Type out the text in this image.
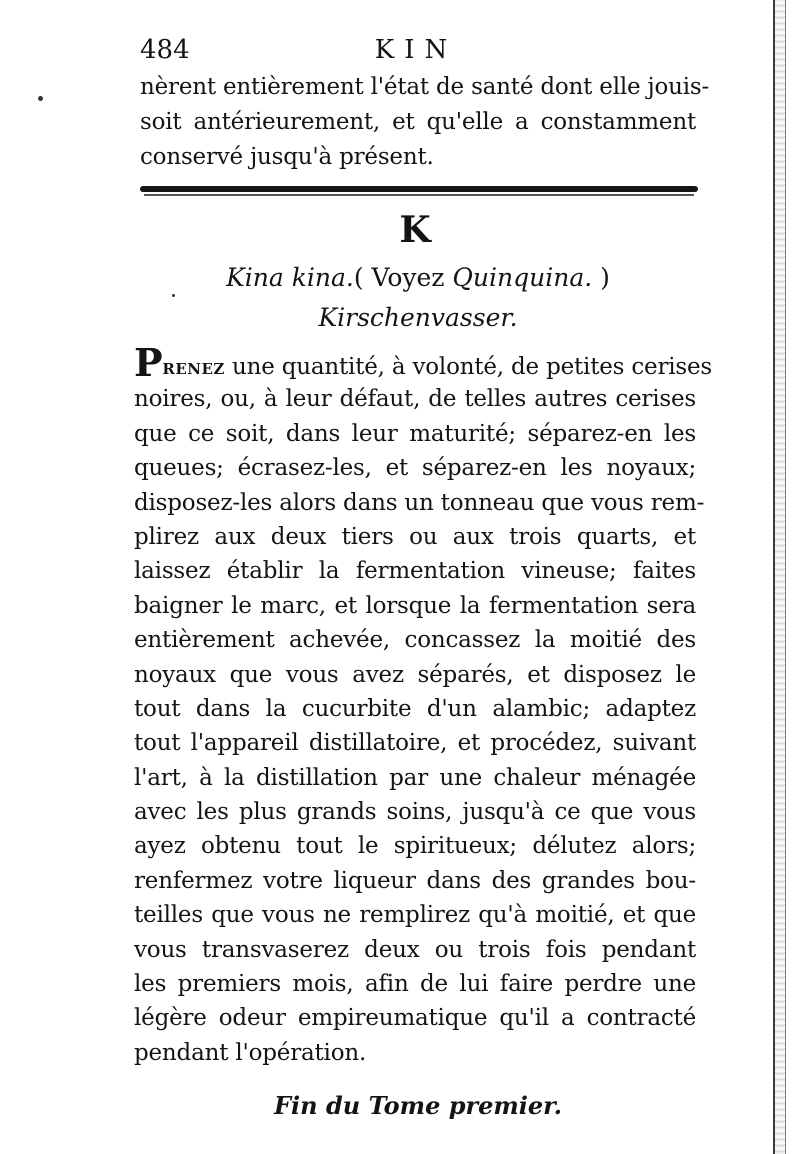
484	KIN
nèrent entièrement l'état de santé dont elle jouis-
soit antérieurement, et qu'elle a constamment
conservé jusqu'à présent.
K
Kina kina.( Voyez Quinquina. )
Kirschenvasser.
PRENEZ une quantité, à volonté, de petites cerises
noires, ou, à leur défaut, de telles autres cerises
que ce soit, dans leur maturité; séparez-en les
queues; écrasez-les, et séparez-en les noyaux;
disposez-les alors dans un tonneau que vous rem-
plirez aux deux tiers ou aux trois quarts, et
laissez établir la fermentation vineuse; faites
baigner le marc, et lorsque la fermentation sera
entièrement achevée, concassez la moitié des
noyaux que vous avez séparés, et disposez le
tout dans la cucurbite d'un alambic; adaptez
tout l'appareil distillatoire, et procédez, suivant
l'art, à la distillation par une chaleur ménagée
avec les plus grands soins, jusqu'à ce que vous
ayez obtenu tout le spiritueux; délutez alors;
renfermez votre liqueur dans des grandes bou-
teilles que vous ne remplirez qu'à moitié, et que
vous transvaserez deux ou trois fois pendant
les premiers mois, afin de lui faire perdre une
légère odeur empireumatique qu'il a contracté
pendant l'opération.
Fin du Tome premier.
